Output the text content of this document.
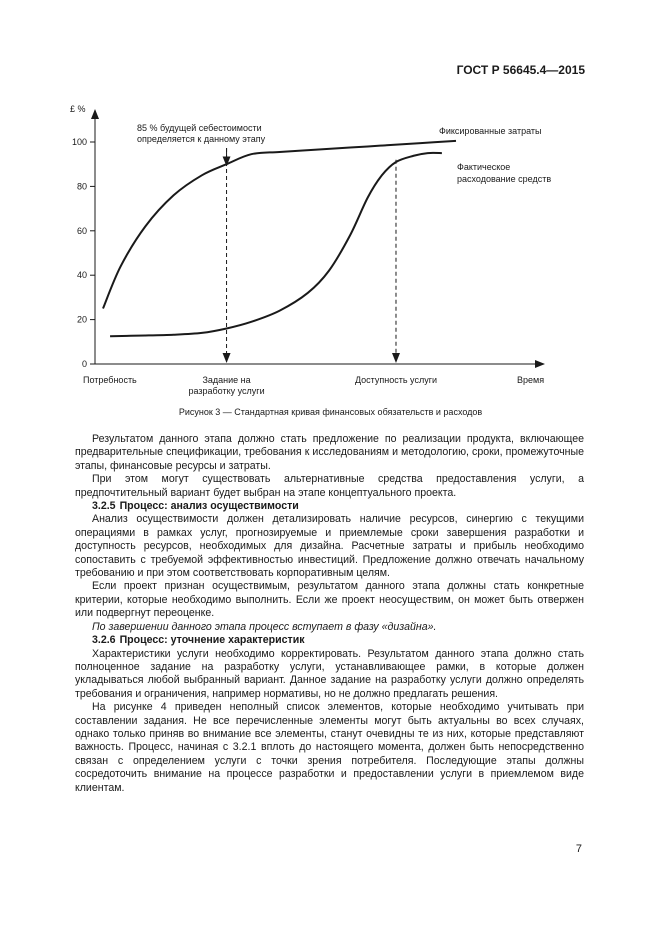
ГОСТ Р 56645.4—2015
£ %
0
20
40
60
80
100
Потребность	Задание на
разработку услуги
Доступность услуги	Время
85 % будущей себестоимости
определяется к данному этапу
Фиксированные затраты
Фактическое
расходование средств
Рисунок 3 — Стандартная кривая финансовых обязательств и расходов

Результатом данного этапа должно стать предложение по реализации продукта, включающее предварительные спецификации, требования к исследованиям и методологию, сроки, промежуточные этапы, финансовые ресурсы и затраты.

При этом могут существовать альтернативные средства предоставления услуги, а предпочтительный вариант будет выбран на этапе концептуального проекта.

3.2.5 Процесс: анализ осуществимости

Анализ осуществимости должен детализировать наличие ресурсов, синергию с текущими операциями в рамках услуг, прогнозируемые и приемлемые сроки завершения разработки и доступность ресурсов, необходимых для дизайна. Расчетные затраты и прибыль необходимо сопоставить с требуемой эффективностью инвестиций. Предложение должно отвечать начальному требованию и при этом соответствовать корпоративным целям.

Если проект признан осуществимым, результатом данного этапа должны стать конкретные критерии, которые необходимо выполнить. Если же проект неосуществим, он может быть отвержен или подвергнут переоценке.

По завершении данного этапа процесс вступает в фазу «дизайна».

3.2.6 Процесс: уточнение характеристик

Характеристики услуги необходимо корректировать. Результатом данного этапа должно стать полноценное задание на разработку услуги, устанавливающее рамки, в которые должен укладываться любой выбранный вариант. Данное задание на разработку услуги должно определять требования и ограничения, например нормативы, но не должно предлагать решения.

На рисунке 4 приведен неполный список элементов, которые необходимо учитывать при составлении задания. Не все перечисленные элементы могут быть актуальны во всех случаях, однако только приняв во внимание все элементы, станут очевидны те из них, которые представляют важность. Процесс, начиная с 3.2.1 вплоть до настоящего момента, должен быть непосредственно связан с определением услуги с точки зрения потребителя. Последующие этапы должны сосредоточить внимание на процессе разработки и предоставлении услуги в приемлемом виде клиентам.

7
